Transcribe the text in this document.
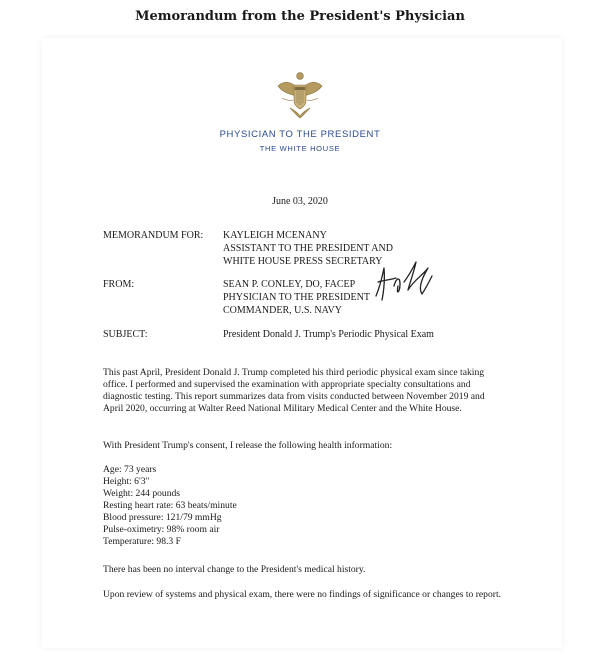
Memorandum from the President's Physician
PHYSICIAN TO THE PRESIDENT
THE WHITE HOUSE
June 03, 2020
MEMORANDUM FOR: KAYLEIGH MCENANY
ASSISTANT TO THE PRESIDENT AND
WHITE HOUSE PRESS SECRETARY
FROM:	SEAN P. CONLEY, DO, FACEP
PHYSICIAN TO THE PRESIDENT
COMMANDER, U.S. NAVY
SUBJECT:	President Donald J. Trump's Periodic Physical Exam

This past April, President Donald J. Trump completed his third periodic physical exam since taking office. I performed and supervised the examination with appropriate specialty consultations and diagnostic testing. This report summarizes data from visits conducted between November 2019 and April 2020, occurring at Walter Reed National Military Medical Center and the White House.

With President Trump's consent, I release the following health information:

Age: 73 years

Height: 6'3"

Weight: 244 pounds

Resting heart rate: 63 beats/minute

Blood pressure: 121/79 mmHg

Pulse-oximetry: 98% room air

Temperature: 98.3 F

There has been no interval change to the President's medical history.

Upon review of systems and physical exam, there were no findings of significance or changes to report.
